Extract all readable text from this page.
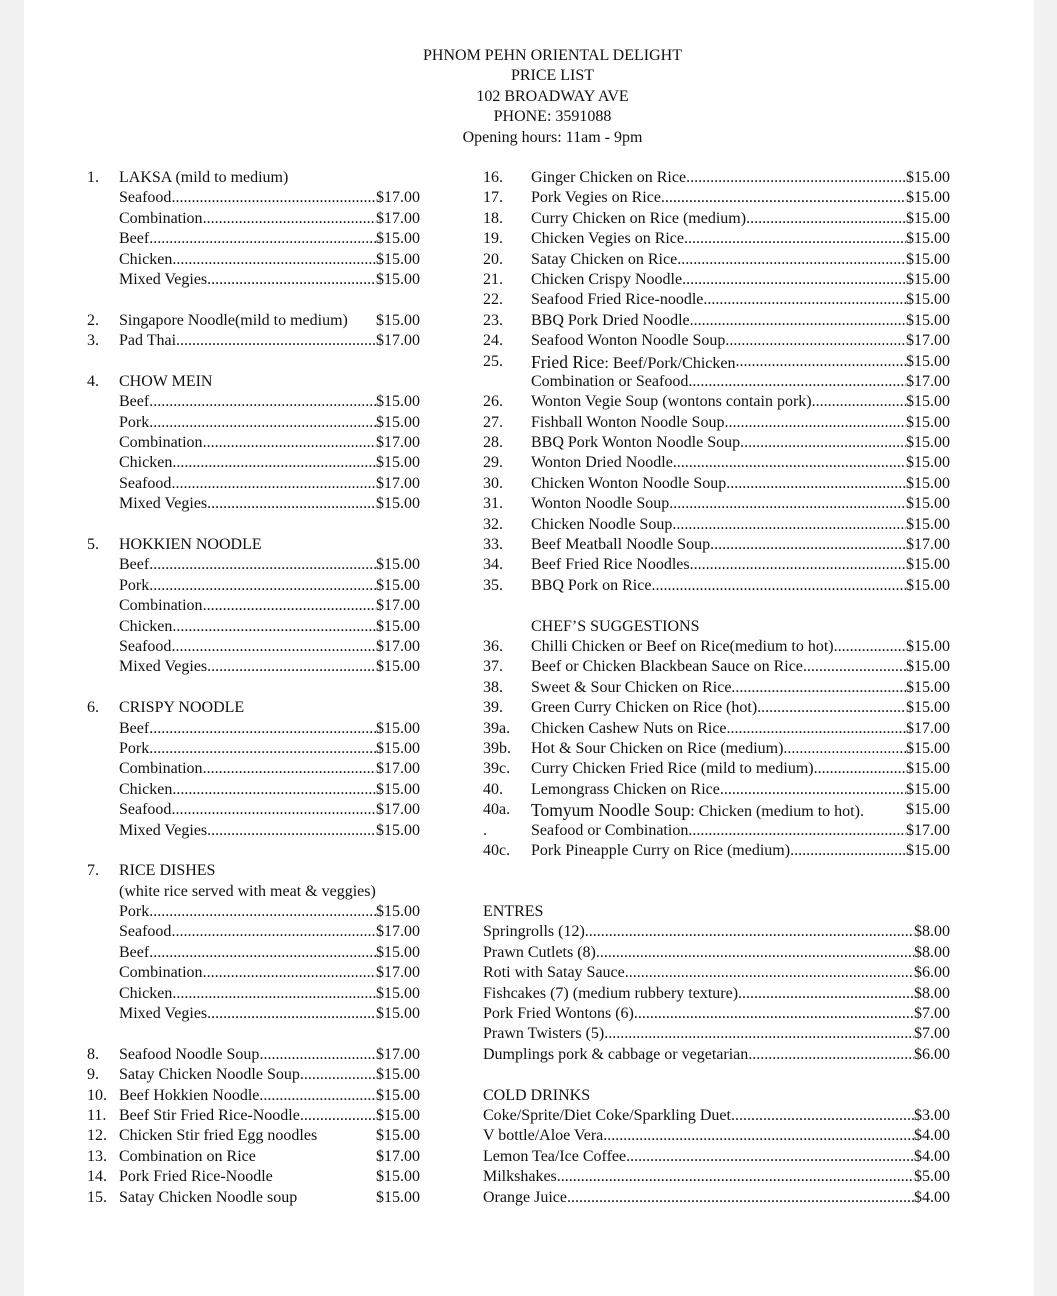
PHNOM PEHN ORIENTAL DELIGHT
PRICE LIST
102 BROADWAY AVE
PHONE: 3591088
Opening hours: 11am - 9pm
1. LAKSA (mild to medium)
Seafood .....	$17.00
Combination .....	$17.00
Beef .....	$15.00
Chicken .....	$15.00
Mixed Vegies .....	$15.00
2. Singapore Noodle(mild to medium) $15.00
3. Pad Thai .....	$17.00
4. CHOW MEIN
Beef .....	$15.00
Pork .....	$15.00
Combination .....	$17.00
Chicken .....	$15.00
Seafood .....	$17.00
Mixed Vegies .....	$15.00
5. HOKKIEN NOODLE
Beef .....	$15.00
Pork .....	$15.00
Combination .....	$17.00
Chicken .....	$15.00
Seafood .....	$17.00
Mixed Vegies .....	$15.00
6. CRISPY NOODLE
Beef .....	$15.00
Pork .....	$15.00
Combination .....	$17.00
Chicken .....	$15.00
Seafood .....	$17.00
Mixed Vegies .....	$15.00
7. RICE DISHES
(white rice served with meat & veggies)
Pork .....	$15.00
Seafood .....	$17.00
Beef .....	$15.00
Combination .....	$17.00
Chicken .....	$15.00
Mixed Vegies .....	$15.00
8. Seafood Noodle Soup .....	$17.00
9. Satay Chicken Noodle Soup .....	$15.00
10. Beef Hokkien Noodle .....	$15.00
11. Beef Stir Fried Rice-Noodle .....	$15.00
12. Chicken Stir fried Egg noodles	$15.00
13. Combination on Rice	$17.00
14. Pork Fried Rice-Noodle	$15.00
15. Satay Chicken Noodle soup	$15.00
16. Ginger Chicken on Rice .....	$15.00
17. Pork Vegies on Rice .....	$15.00
18. Curry Chicken on Rice (medium) .....	$15.00
19. Chicken Vegies on Rice .....	$15.00
20. Satay Chicken on Rice .....	$15.00
21. Chicken Crispy Noodle .....	$15.00
22. Seafood Fried Rice-noodle .....	$15.00
23. BBQ Pork Dried Noodle .....	$15.00
24. Seafood Wonton Noodle Soup .....	$17.00
25. Fried Rice: Beef/Pork/Chicken .....	$15.00
Combination or Seafood .....	$17.00
26. Wonton Vegie Soup (wontons contain pork) .....	$15.00
27. Fishball Wonton Noodle Soup .....	$15.00
28. BBQ Pork Wonton Noodle Soup .....	$15.00
29. Wonton Dried Noodle .....	$15.00
30. Chicken Wonton Noodle Soup .....	$15.00
31. Wonton Noodle Soup .....	$15.00
32. Chicken Noodle Soup .....	$15.00
33. Beef Meatball Noodle Soup .....	$17.00
34. Beef Fried Rice Noodles .....	$15.00
35. BBQ Pork on Rice .....	$15.00
CHEF’S SUGGESTIONS
36. Chilli Chicken or Beef on Rice(medium to hot) .....	$15.00
37. Beef or Chicken Blackbean Sauce on Rice .....	$15.00
38. Sweet & Sour Chicken on Rice .....	$15.00
39. Green Curry Chicken on Rice (hot) .....	$15.00
39a. Chicken Cashew Nuts on Rice .....	$17.00
39b. Hot & Sour Chicken on Rice (medium) .....	$15.00
39c. Curry Chicken Fried Rice (mild to medium) .....	$15.00
40. Lemongrass Chicken on Rice .....	$15.00
40a. Tomyum Noodle Soup: Chicken (medium to hot). $15.00
.	Seafood or Combination .....	$17.00
40c. Pork Pineapple Curry on Rice (medium) .....	$15.00
ENTRES
Springrolls (12) .....	$8.00
Prawn Cutlets (8) .....	$8.00
Roti with Satay Sauce .....	$6.00
Fishcakes (7) (medium rubbery texture) .....	$8.00
Pork Fried Wontons (6) .....	$7.00
Prawn Twisters (5) .....	$7.00
Dumplings pork & cabbage or vegetarian .....	$6.00
COLD DRINKS
Coke/Sprite/Diet Coke/Sparkling Duet .....	$3.00
V bottle/Aloe Vera .....	$4.00
Lemon Tea/Ice Coffee .....	$4.00
Milkshakes .....	$5.00
Orange Juice .....	$4.00
